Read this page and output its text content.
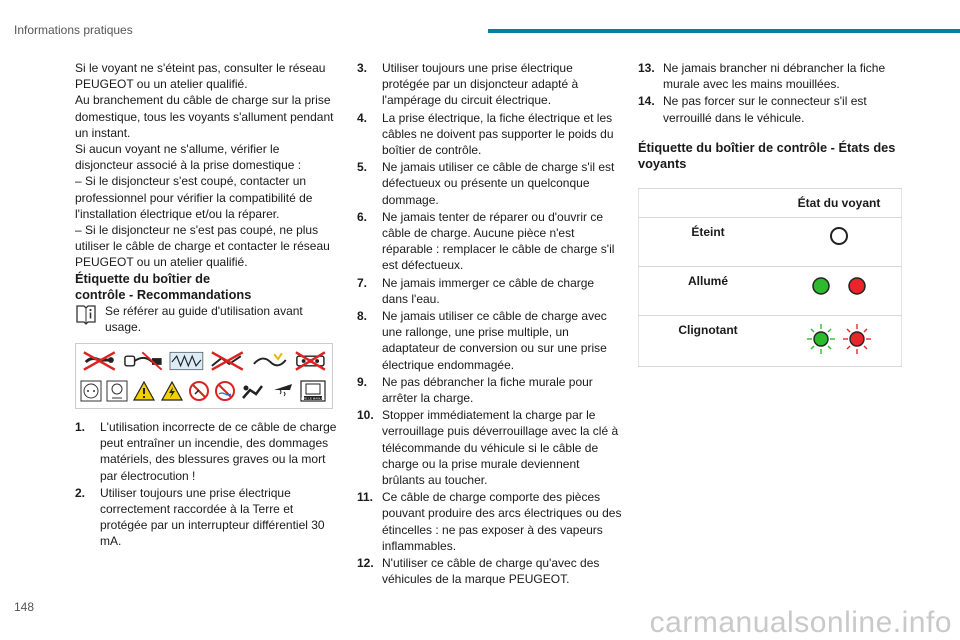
Informations pratiques

Si le voyant ne s'éteint pas, consulter le réseau
PEUGEOT ou un atelier qualifié.
Au branchement du câble de charge sur la prise
domestique, tous les voyants s'allument pendant
un instant.
Si aucun voyant ne s'allume, vérifier le
disjoncteur associé à la prise domestique :
– Si le disjoncteur s'est coupé, contacter un
professionnel pour vérifier la compatibilité de
l'installation électrique et/ou la réparer.
– Si le disjoncteur ne s'est pas coupé, ne plus
utiliser le câble de charge et contacter le réseau
PEUGEOT ou un atelier qualifié.

Étiquette du boîtier de
contrôle - Recommandations
Se référer au guide d'utilisation avant
usage.
LIRE LE MANUEL
1.	L'utilisation incorrecte de ce câble de charge peut entraîner un incendie, des dommages matériels, des blessures graves ou la mort par électrocution !
2.	Utiliser toujours une prise électrique correctement raccordée à la Terre et protégée par un interrupteur différentiel 30 mA.
3.	Utiliser toujours une prise électrique protégée par un disjoncteur adapté à l'ampérage du circuit électrique.
4.	La prise électrique, la fiche électrique et les câbles ne doivent pas supporter le poids du boîtier de contrôle.
5.	Ne jamais utiliser ce câble de charge s'il est défectueux ou présente un quelconque dommage.
6.	Ne jamais tenter de réparer ou d'ouvrir ce câble de charge. Aucune pièce n'est réparable : remplacer le câble de charge s'il est défectueux.
7.	Ne jamais immerger ce câble de charge dans l'eau.
8.	Ne jamais utiliser ce câble de charge avec une rallonge, une prise multiple, un adaptateur de conversion ou sur une prise électrique endommagée.
9.	Ne pas débrancher la fiche murale pour arrêter la charge.
10. Stopper immédiatement la charge par le verrouillage puis déverrouillage avec la clé à télécommande du véhicule si le câble de charge ou la prise murale deviennent brûlants au toucher.
11. Ce câble de charge comporte des pièces pouvant produire des arcs électriques ou des étincelles : ne pas exposer à des vapeurs inflammables.
12. N'utiliser ce câble de charge qu'avec des véhicules de la marque PEUGEOT.
13. Ne jamais brancher ni débrancher la fiche murale avec les mains mouillées.
14. Ne pas forcer sur le connecteur s'il est verrouillé dans le véhicule.
Étiquette du boîtier de contrôle - États des voyants
	État du voyant
Éteint	
Allumé	
Clignotant	
148	carmanualsonline.info
